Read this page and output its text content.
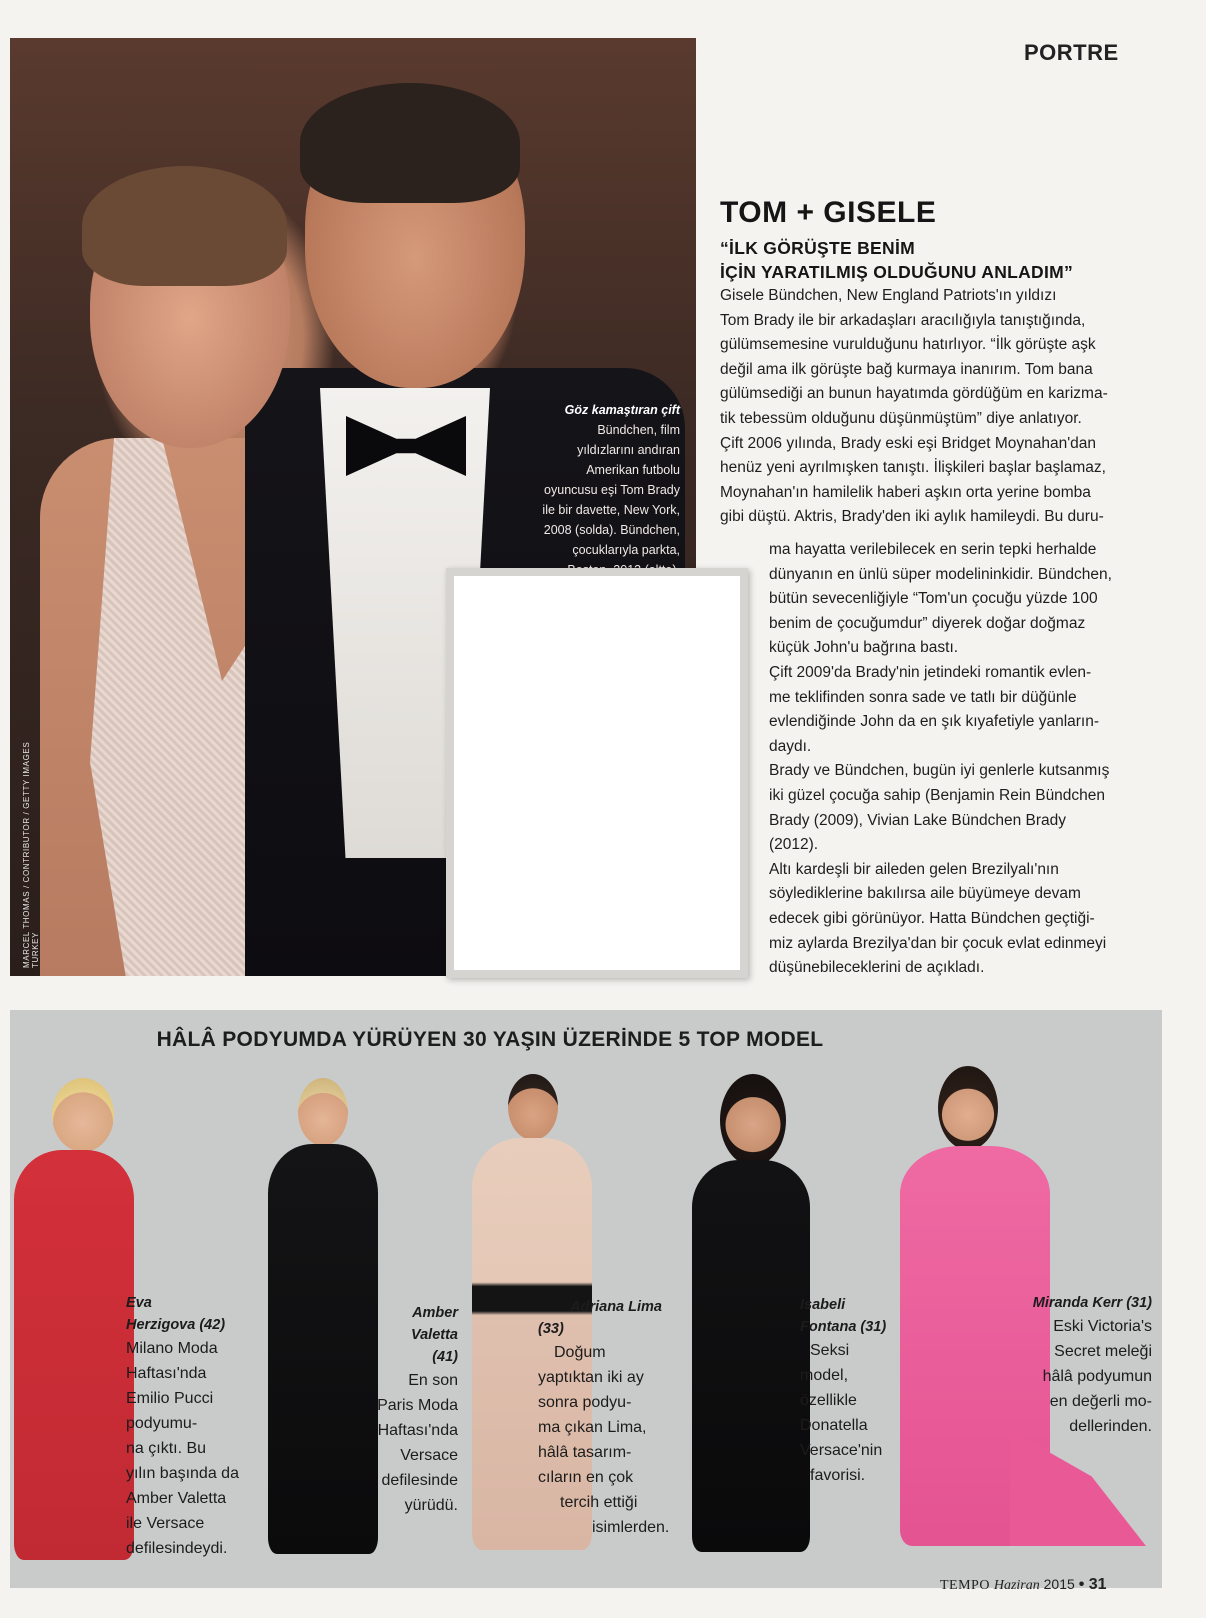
PORTRE
MARCEL THOMAS / CONTRIBUTOR / GETTY IMAGES TURKEY
Göz kamaştıran çift
Bündchen, film
yıldızlarını andıran
Amerikan futbolu
oyuncusu eşi Tom Brady
ile bir davette, New York,
2008 (solda). Bündchen,
çocuklarıyla parkta,

TOM + GISELE
“İLK GÖRÜŞTE BENİM
İÇİN YARATILMIŞ OLDUĞUNU ANLADIM”
Gisele Bündchen, New England Patriots'ın yıldızı
Tom Brady ile bir arkadaşları aracılığıyla tanıştığında,
gülümsemesine vurulduğunu hatırlıyor. “İlk görüşte aşk
değil ama ilk görüşte bağ kurmaya inanırım. Tom bana
gülümsediği an bunun hayatımda gördüğüm en karizma-
tik tebessüm olduğunu düşünmüştüm” diye anlatıyor.
Çift 2006 yılında, Brady eski eşi Bridget Moynahan'dan
henüz yeni ayrılmışken tanıştı. İlişkileri başlar başlamaz,
Moynahan'ın hamilelik haberi aşkın orta yerine bomba
gibi düştü. Aktris, Brady'den iki aylık hamileydi. Bu duru-
ma hayatta verilebilecek en serin tepki herhalde
dünyanın en ünlü süper modelininkidir. Bündchen,
bütün sevecenliğiyle “Tom'un çocuğu yüzde 100
benim de çocuğumdur” diyerek doğar doğmaz
küçük John'u bağrına bastı.
Çift 2009'da Brady'nin jetindeki romantik evlen-
me teklifinden sonra sade ve tatlı bir düğünle
evlendiğinde John da en şık kıyafetiyle yanların-
daydı.
Brady ve Bündchen, bugün iyi genlerle kutsanmış
iki güzel çocuğa sahip (Benjamin Rein Bündchen
Brady (2009), Vivian Lake Bündchen Brady
(2012).
Altı kardeşli bir aileden gelen Brezilyalı'nın
söylediklerine bakılırsa aile büyümeye devam
edecek gibi görünüyor. Hatta Bündchen geçtiği-
miz aylarda Brezilya'dan bir çocuk evlat edinmeyi
düşünebileceklerini de açıkladı.
HÂLÂ PODYUMDA YÜRÜYEN 30 YAŞIN ÜZERİNDE 5 TOP MODEL
Eva
Herzigova (42)
Milano Moda
Haftası'nda
Emilio Pucci
podyumu-
na çıktı. Bu
yılın başında da
Amber Valetta
ile Versace
defilesindeydi.
Amber
Valetta
(41)
En son
Paris Moda
Haftası'nda
Versace
defilesinde
yürüdü.
Adriana Lima
(33)
Doğum
yaptıktan iki ay
sonra podyu-
ma çıkan Lima,
hâlâ tasarım-
cıların en çok
tercih ettiği
isimlerden.
Isabeli
Fontana (31)
Seksi
model,
özellikle
Donatella
Versace'nin
favorisi.
Miranda Kerr (31)
Eski Victoria's
Secret meleği
hâlâ podyumun
en değerli mo-
dellerinden.
TEMPO Haziran 2015 • 31
